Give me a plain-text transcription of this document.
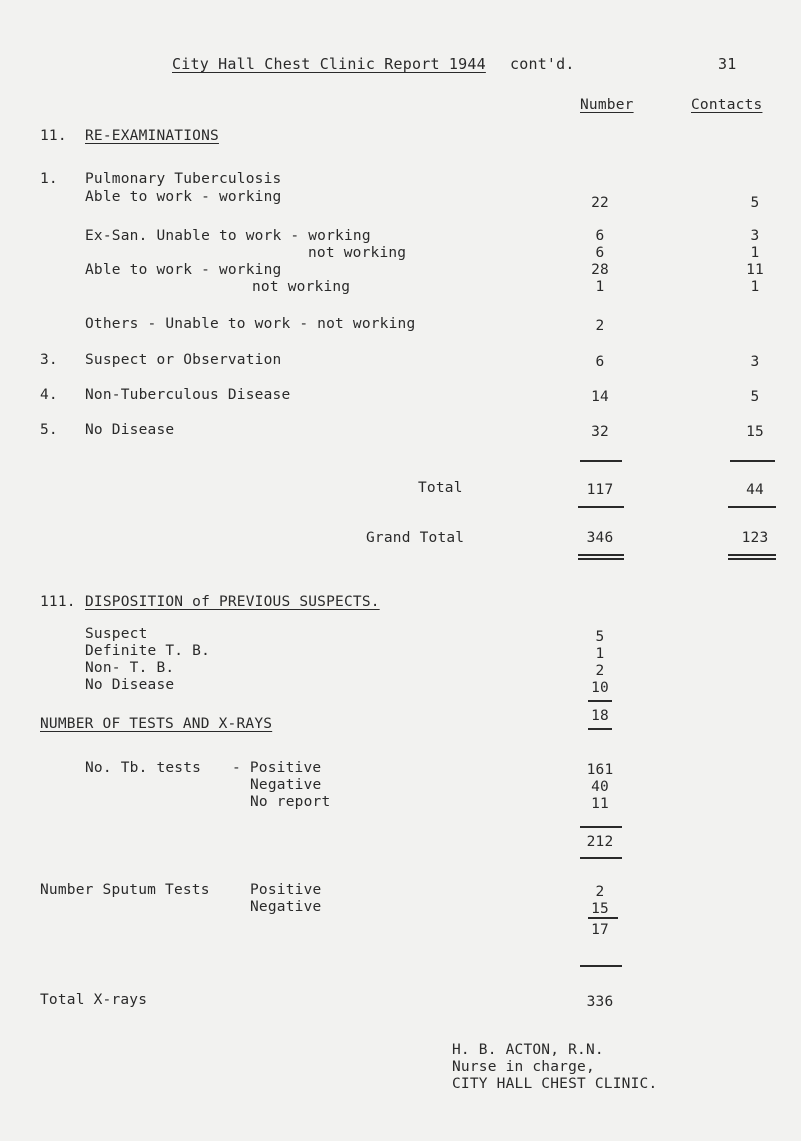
City Hall Chest Clinic Report 1944 cont'd.	31
Number	Contacts
11. RE-EXAMINATIONS
1. Pulmonary Tuberculosis
Able to work - working	22	5
Ex-San. Unable to work - working	6	3
not working	6	1
Able to work - working	28	11
not working	1	1
Others - Unable to work - not working	2
3. Suspect or Observation	6	3
4. Non-Tuberculous Disease	14	5
5. No Disease	32	15
Total	117	44
Grand Total	346	123
111. DISPOSITION of PREVIOUS SUSPECTS.
Suspect	5
Definite T. B.	1
Non- T. B.	2
No Disease	10
18
NUMBER OF TESTS AND X-RAYS
No. Tb. tests - Positive	161
Negative	40
No report	11
212
Number Sputum Tests	Positive	2
Negative	15
17
Total X-rays	336
H. B. ACTON, R.N.
Nurse in charge,
CITY HALL CHEST CLINIC.
